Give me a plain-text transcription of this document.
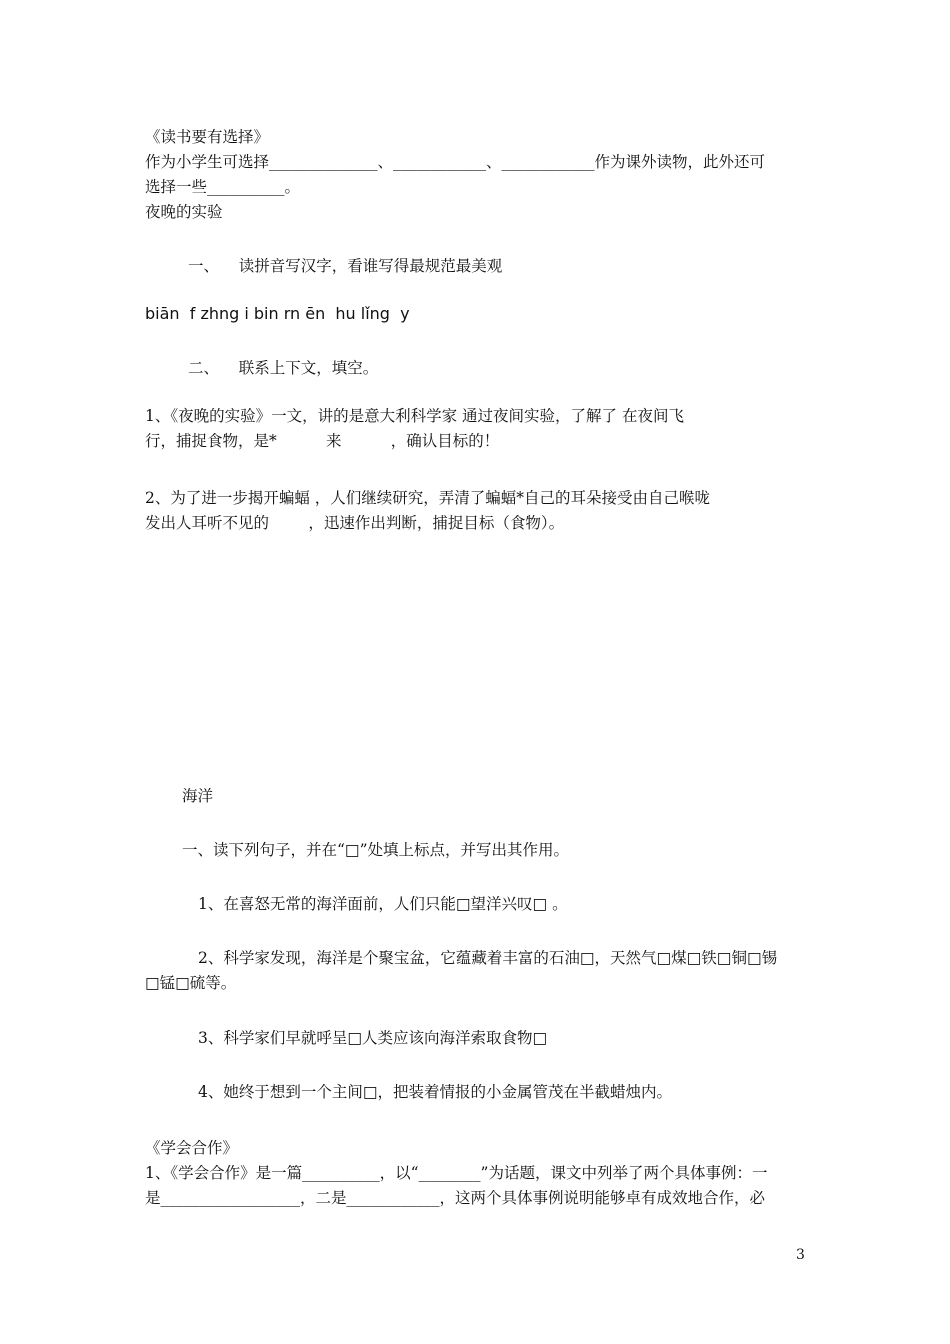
《读书要有选择》
作为小学生可选择______________、____________、____________作为课外读物，此外还可
选择一些__________。
夜晚的实验
一、    读拼音写汉字，看谁写得最规范最美观
biān  f zhng i bin rn ēn  hu lǐng  y
二、    联系上下文，填空。
1、《夜晚的实验》一文，讲的是意大利科学家 通过夜间实验，了解了 在夜间飞
行，捕捉食物，是*          来          ，确认目标的！
2、为了进一步揭开蝙蝠 ，人们继续研究，弄清了蝙蝠*自己的耳朵接受由自己喉咙
发出人耳听不见的        ，迅速作出判断，捕捉目标（食物）。
海洋
一、读下列句子，并在“□”处填上标点，并写出其作用。
1、在喜怒无常的海洋面前，人们只能□望洋兴叹□ 。
2、科学家发现，海洋是个聚宝盆，它蕴藏着丰富的石油□，天然气□煤□铁□铜□锡
□锰□硫等。
3、科学家们早就呼呈□人类应该向海洋索取食物□
4、她终于想到一个主间□，把装着情报的小金属管茂在半截蜡烛内。
《学会合作》
1、《学会合作》是一篇__________，以“________”为话题，课文中列举了两个具体事例：一
是__________________，二是____________，这两个具体事例说明能够卓有成效地合作，必
3
